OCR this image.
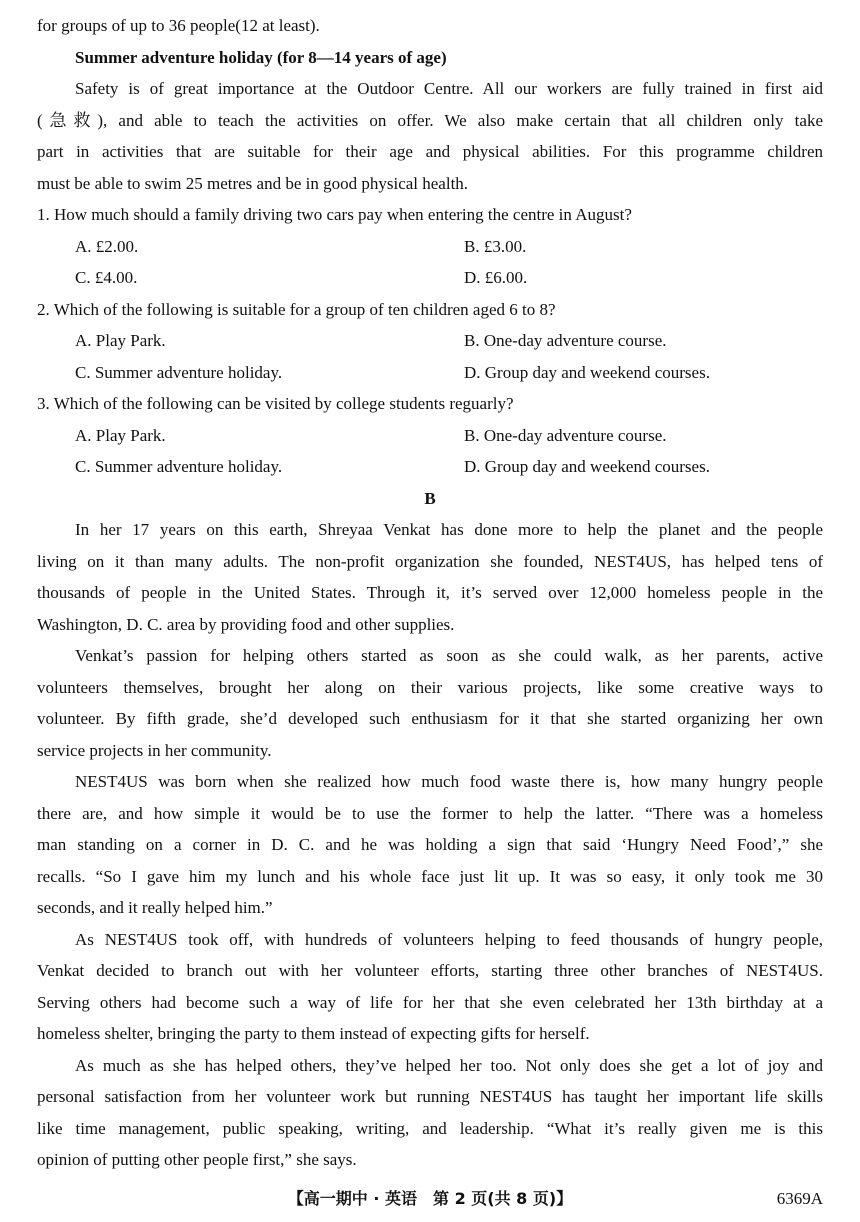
for groups of up to 36 people(12 at least).
Summer adventure holiday (for 8—14 years of age)
Safety is of great importance at the Outdoor Centre. All our workers are fully trained in first aid
(急救), and able to teach the activities on offer. We also make certain that all children only take
part in activities that are suitable for their age and physical abilities. For this programme children
must be able to swim 25 metres and be in good physical health.
1. How much should a family driving two cars pay when entering the centre in August?
A. £2.00.	B. £3.00.
C. £4.00.	D. £6.00.
2. Which of the following is suitable for a group of ten children aged 6 to 8?
A. Play Park.	B. One-day adventure course.
C. Summer adventure holiday.	D. Group day and weekend courses.
3. Which of the following can be visited by college students reguarly?
A. Play Park.	B. One-day adventure course.
C. Summer adventure holiday.	D. Group day and weekend courses.
B
In her 17 years on this earth, Shreyaa Venkat has done more to help the planet and the people
living on it than many adults. The non-profit organization she founded, NEST4US, has helped tens of
thousands of people in the United States. Through it, it’s served over 12,000 homeless people in the
Washington, D. C. area by providing food and other supplies.
Venkat’s passion for helping others started as soon as she could walk, as her parents, active
volunteers themselves, brought her along on their various projects, like some creative ways to
volunteer. By fifth grade, she’d developed such enthusiasm for it that she started organizing her own
service projects in her community.
NEST4US was born when she realized how much food waste there is, how many hungry people
there are, and how simple it would be to use the former to help the latter. “There was a homeless
man standing on a corner in D. C. and he was holding a sign that said ‘Hungry Need Food’,” she
recalls. “So I gave him my lunch and his whole face just lit up. It was so easy, it only took me 30
seconds, and it really helped him.”
As NEST4US took off, with hundreds of volunteers helping to feed thousands of hungry people,
Venkat decided to branch out with her volunteer efforts, starting three other branches of NEST4US.
Serving others had become such a way of life for her that she even celebrated her 13th birthday at a
homeless shelter, bringing the party to them instead of expecting gifts for herself.
As much as she has helped others, they’ve helped her too. Not only does she get a lot of joy and
personal satisfaction from her volunteer work but running NEST4US has taught her important life skills
like time management, public speaking, writing, and leadership. “What it’s really given me is this
opinion of putting other people first,” she says.
【高一期中 · 英语　第 2 页(共 8 页)】	6369A
